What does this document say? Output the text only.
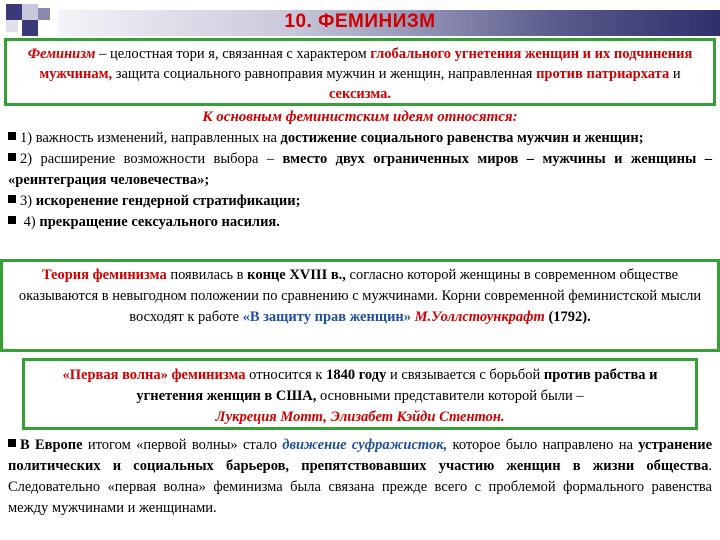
10. ФЕМИНИЗМ
Феминизм – целостная тори я, связанная с характером глобального угнетения женщин и их подчинения мужчинам, защита социального равноправия мужчин и женщин, направленная против патриархата и сексизма.
К основным феминистским идеям относятся:

1) важность изменений, направленных на достижение социального равенства мужчин и женщин;

2) расширение возможности выбора – вместо двух ограниченных миров – мужчины и женщины – «реинтеграция человечества»;

3) искоренение гендерной стратификации;

4) прекращение сексуального насилия.

Теория феминизма появилась в конце XVIII в., согласно которой женщины в современном обществе оказываются в невыгодном положении по сравнению с мужчинами. Корни современной феминистской мысли восходят к работе «В защиту прав женщин» М.Уоллстоункрафт (1792).
«Первая волна» феминизма относится к 1840 году и связывается с борьбой против рабства и угнетения женщин в США, основными представители которой были –
Лукреция Мотт, Элизабет Кэйди Стентон.
В Европе итогом «первой волны» стало движение суфражисток, которое было направлено на устранение политических и социальных барьеров, препятствовавших участию женщин в жизни общества. Следовательно «первая волна» феминизма была связана прежде всего с проблемой формального равенства между мужчинами и женщинами.
